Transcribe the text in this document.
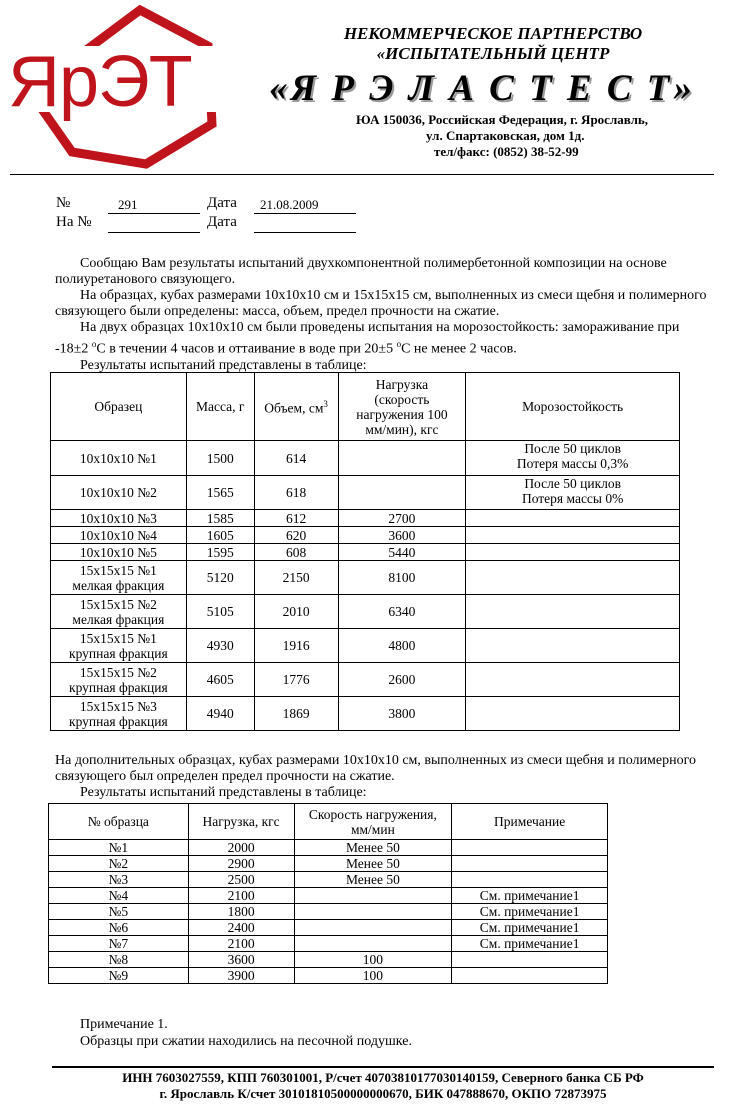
ЯрЭТ
НЕКОММЕРЧЕСКОЕ ПАРТНЕРСТВО
«ИСПЫТАТЕЛЬНЫЙ ЦЕНТР
«Я Р Э Л А С Т Е С Т»
ЮА 150036, Российская Федерация, г. Ярославль,
ул. Спартаковская, дом 1д.
тел/факс: (0852) 38-52-99
№	291	Дата	21.08.2009
На №	Дата
Сообщаю Вам результаты испытаний двухкомпонентной полимербетонной композиции на основе полиуретанового связующего.
На образцах, кубах размерами 10х10х10 см и 15х15х15 см, выполненных из смеси щебня и полимерного связующего были определены: масса, объем, предел прочности на сжатие.
На двух образцах 10х10х10 см были проведены испытания на морозостойкость: замораживание при -18±2 $^о$С в течении 4 часов и оттаивание в воде при 20±5 $^о$С не менее 2 часов.
Результаты испытаний представлены в таблице:
Образец	Масса, г	Объем, $см^3$	Нагрузка
(скорость
нагружения 100
мм/мин), кгс	Морозостойкость

10х10х10 №1	1500	614		После 50 циклов
Потеря массы 0,3%

10х10х10 №2	1565	618		После 50 циклов
Потеря массы 0%

10х10х10 №3	1585	612	2700	

10х10х10 №4	1605	620	3600	

10х10х10 №5	1595	608	5440	

15х15х15 №1
мелкая фракция	5120	2150	8100	

15х15х15 №2
мелкая фракция	5105	2010	6340	

15х15х15 №1
крупная фракция	4930	1916	4800	

15х15х15 №2
крупная фракция	4605	1776	2600	

15х15х15 №3
крупная фракция	4940	1869	3800	
На дополнительных образцах, кубах размерами 10х10х10 см, выполненных из смеси щебня и полимерного связующего был определен предел прочности на сжатие.
Результаты испытаний представлены в таблице:
№ образца	Нагрузка, кгс	Скорость нагружения,
мм/мин	Примечание
№1	2000	Менее 50	
№2	2900	Менее 50	
№3	2500	Менее 50	
№4	2100		См. примечание1
№5	1800		См. примечание1
№6	2400		См. примечание1
№7	2100		См. примечание1
№8	3600	100	
№9	3900	100	
Примечание 1.
Образцы при сжатии находились на песочной подушке.
ИНН 7603027559, КПП 760301001, Р/счет 40703810177030140159, Северного банка СБ РФ
г. Ярославль К/счет 30101810500000000670, БИК 047888670, ОКПО 72873975
